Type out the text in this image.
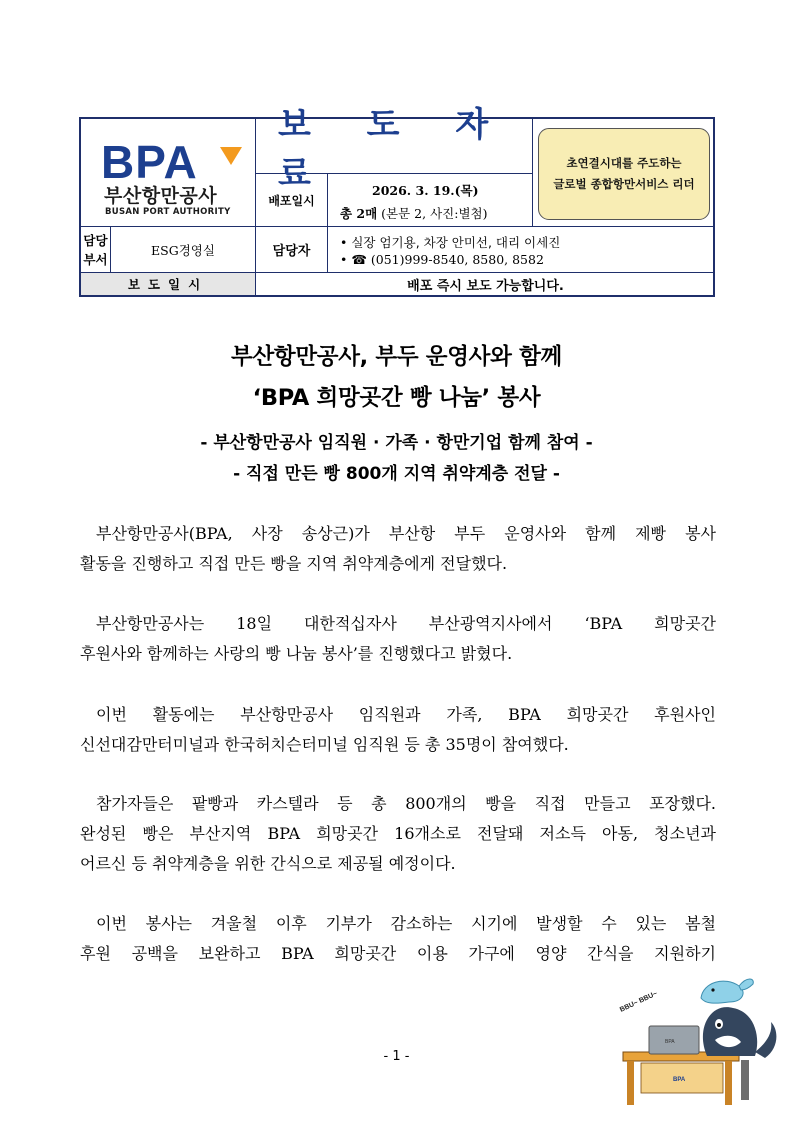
BPA
부산항만공사
BUSAN PORT AUTHORITY
보 도 자 료
배포일시
2026. 3. 19.(목)
총 2매 (본문 2, 사진:별첨)
초연결시대를 주도하는
글로벌 종합항만서비스 리더
담당
부서
ESG경영실	담당자
• 실장 엄기용, 차장 안미선, 대리 이세진
• ☎ (051)999-8540, 8580, 8582
보도일시	배포 즉시 보도 가능합니다.
부산항만공사, 부두 운영사와 함께
‘BPA 희망곳간 빵 나눔’ 봉사
- 부산항만공사 임직원 · 가족 · 항만기업 함께 참여 -
- 직접 만든 빵 800개 지역 취약계층 전달 -
부산항만공사(BPA, 사장 송상근)가 부산항 부두 운영사와 함께 제빵 봉사
활동을 진행하고 직접 만든 빵을 지역 취약계층에게 전달했다.
부산항만공사는 18일 대한적십자사 부산광역지사에서 ‘BPA 희망곳간
후원사와 함께하는 사랑의 빵 나눔 봉사’를 진행했다고 밝혔다.
이번 활동에는 부산항만공사 임직원과 가족, BPA 희망곳간 후원사인
신선대감만터미널과 한국허치슨터미널 임직원 등 총 35명이 참여했다.
참가자들은 팥빵과 카스텔라 등 총 800개의 빵을 직접 만들고 포장했다.
완성된 빵은 부산지역 BPA 희망곳간 16개소로 전달돼 저소득 아동, 청소년과
어르신 등 취약계층을 위한 간식으로 제공될 예정이다.
이번 봉사는 겨울철 이후 기부가 감소하는 시기에 발생할 수 있는 봄철
후원 공백을 보완하고 BPA 희망곳간 이용 가구에 영양 간식을 지원하기
BPA
BPA
BBU~ BBU~
- 1 -
